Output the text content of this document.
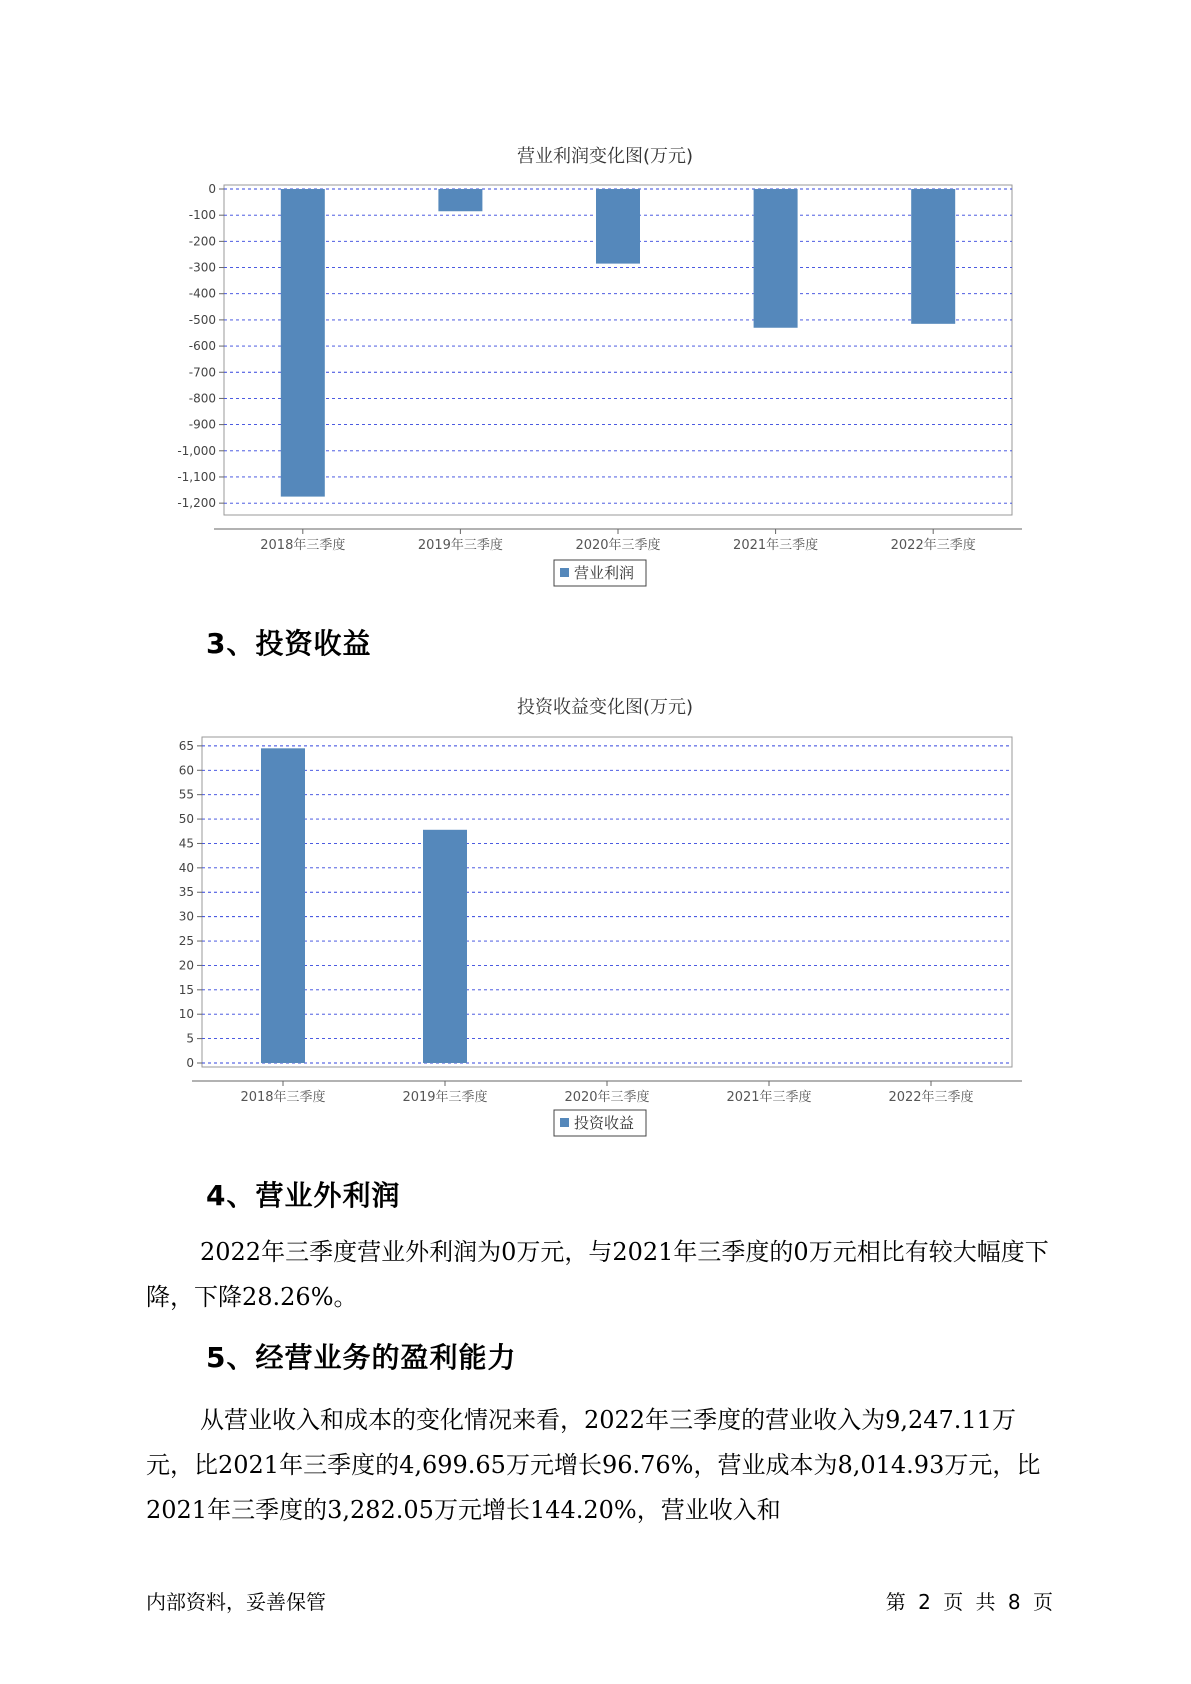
营业利润变化图(万元)
0
-100
-200
-300
-400
-500
-600
-700
-800
-900
-1,000
-1,100
-1,200
2018年三季度	2019年三季度	2020年三季度	2021年三季度	2022年三季度
营业利润
3、投资收益
投资收益变化图(万元)
0
5
10
15
20
25
30
35
40
45
50
55
60
65
2018年三季度	2019年三季度	2020年三季度	2021年三季度	2022年三季度
投资收益
4、营业外利润

2022年三季度营业外利润为0万元，与2021年三季度的0万元相比有较大幅度下降，下降28.26%。

5、经营业务的盈利能力

从营业收入和成本的变化情况来看，2022年三季度的营业收入为9,247.11万元，比2021年三季度的4,699.65万元增长96.76%，营业成本为8,014.93万元，比2021年三季度的3,282.05万元增长144.20%，营业收入和

内部资料，妥善保管	第 2 页 共 8 页
